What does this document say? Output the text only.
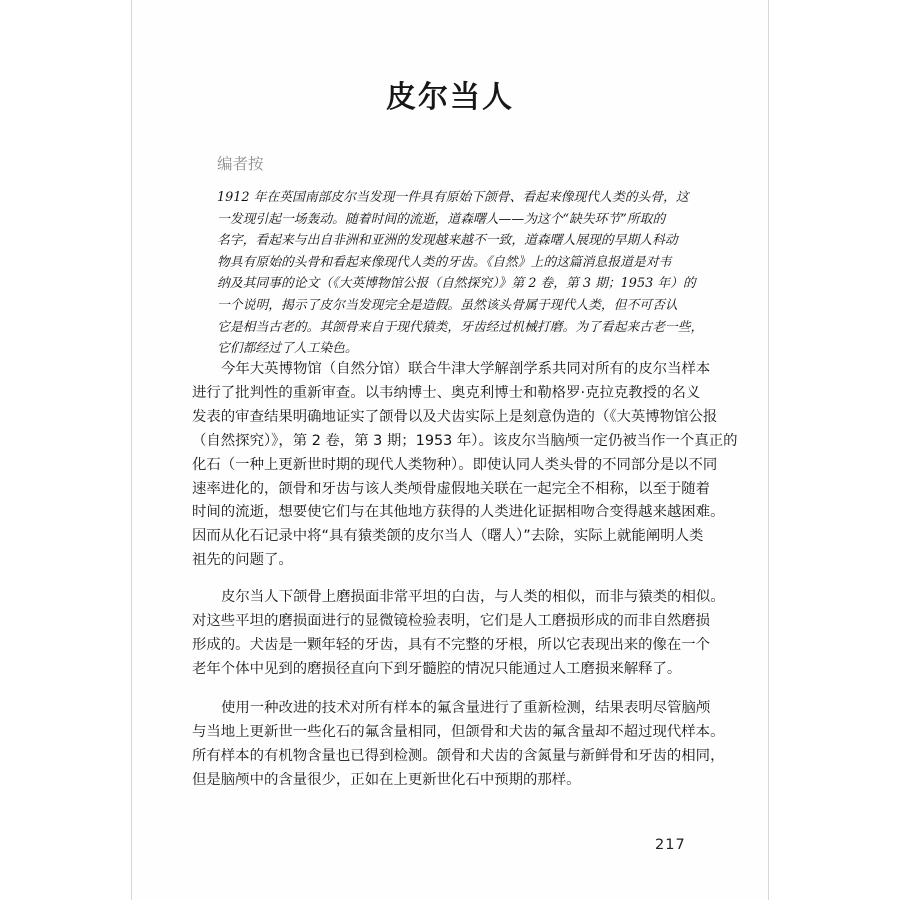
皮尔当人
编者按
1912 年在英国南部皮尔当发现一件具有原始下颌骨、看起来像现代人类的头骨，这
一发现引起一场轰动。随着时间的流逝，道森曙人——为这个“缺失环节”所取的
名字，看起来与出自非洲和亚洲的发现越来越不一致，道森曙人展现的早期人科动
物具有原始的头骨和看起来像现代人类的牙齿。《自然》上的这篇消息报道是对韦
纳及其同事的论文（《大英博物馆公报（自然探究）》第 2 卷，第 3 期；1953 年）的
一个说明，揭示了皮尔当发现完全是造假。虽然该头骨属于现代人类，但不可否认
它是相当古老的。其颌骨来自于现代猿类，牙齿经过机械打磨。为了看起来古老一些，
它们都经过了人工染色。
今年大英博物馆（自然分馆）联合牛津大学解剖学系共同对所有的皮尔当样本
进行了批判性的重新审查。以韦纳博士、奥克利博士和勒格罗·克拉克教授的名义
发表的审查结果明确地证实了颌骨以及犬齿实际上是刻意伪造的（《大英博物馆公报
（自然探究）》，第 2 卷，第 3 期；1953 年）。该皮尔当脑颅一定仍被当作一个真正的
化石（一种上更新世时期的现代人类物种）。即使认同人类头骨的不同部分是以不同
速率进化的，颌骨和牙齿与该人类颅骨虚假地关联在一起完全不相称，以至于随着
时间的流逝，想要使它们与在其他地方获得的人类进化证据相吻合变得越来越困难。
因而从化石记录中将“具有猿类颌的皮尔当人（曙人）”去除，实际上就能阐明人类
祖先的问题了。
皮尔当人下颌骨上磨损面非常平坦的白齿，与人类的相似，而非与猿类的相似。
对这些平坦的磨损面进行的显微镜检验表明，它们是人工磨损形成的而非自然磨损
形成的。犬齿是一颗年轻的牙齿，具有不完整的牙根，所以它表现出来的像在一个
老年个体中见到的磨损径直向下到牙髓腔的情况只能通过人工磨损来解释了。
使用一种改进的技术对所有样本的氟含量进行了重新检测，结果表明尽管脑颅
与当地上更新世一些化石的氟含量相同，但颌骨和犬齿的氟含量却不超过现代样本。
所有样本的有机物含量也已得到检测。颌骨和犬齿的含氮量与新鲜骨和牙齿的相同，
但是脑颅中的含量很少，正如在上更新世化石中预期的那样。
217
